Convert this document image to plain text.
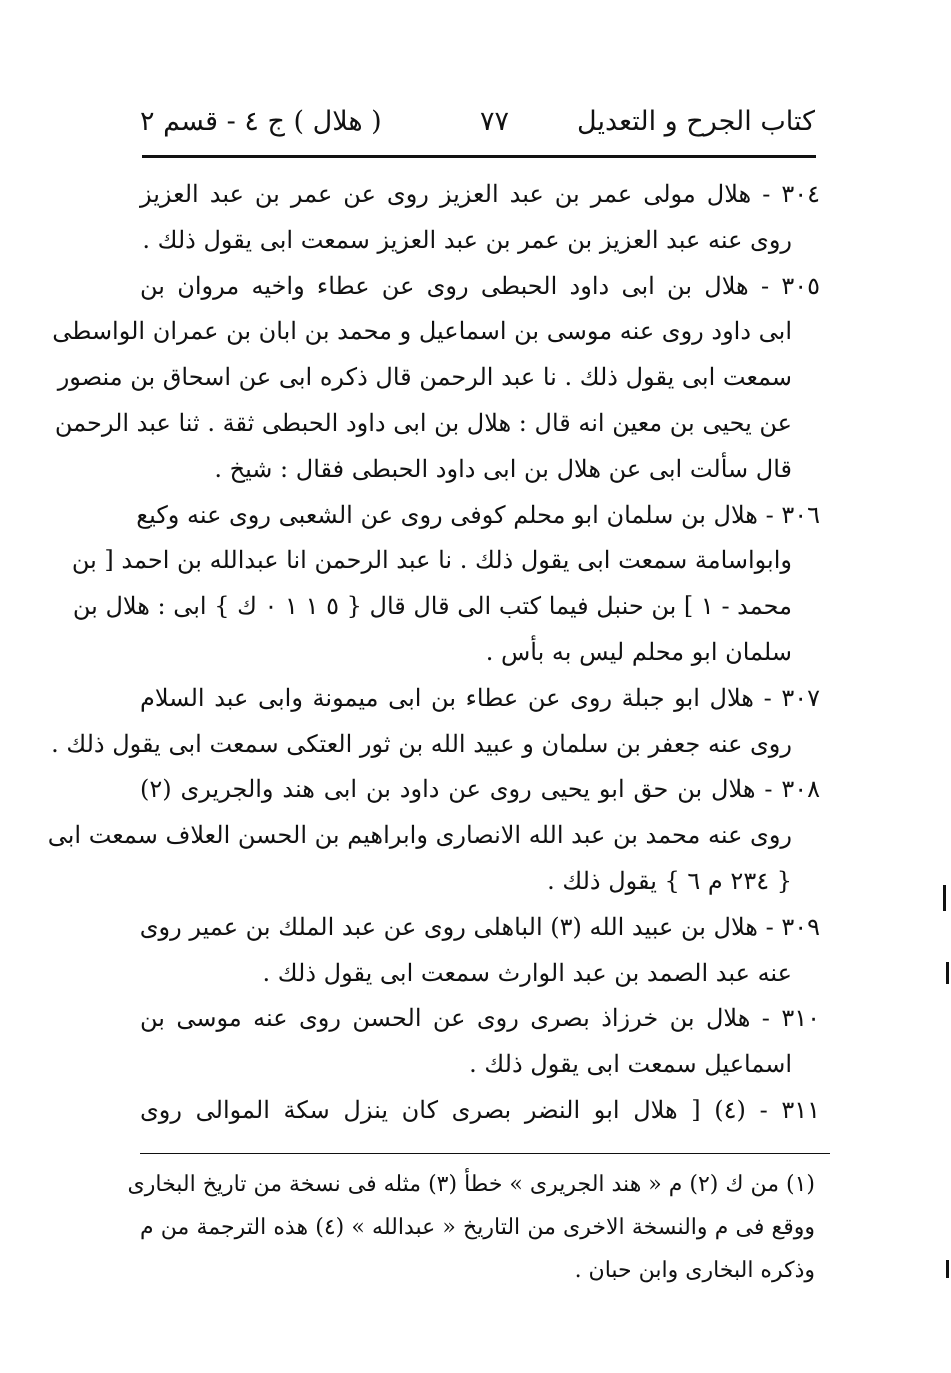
كتاب الجرح و التعديل
٧٧
( هلال ) ج ٤ - قسم ٢
٣٠٤ - هلال مولى عمر بن عبد العزيز روى عن عمر بن عبد العزيز
روى عنه عبد العزيز بن عمر بن عبد العزيز سمعت ابى يقول ذلك .
٣٠٥ - هلال بن ابى داود الحبطى روى عن عطاء واخيه مروان بن
ابى داود روى عنه موسى بن اسماعيل و محمد بن ابان بن عمران الواسطى
سمعت ابى يقول ذلك . نا عبد الرحمن قال ذكره ابى عن اسحاق بن منصور
عن يحيى بن معين انه قال : هلال بن ابى داود الحبطى ثقة . ثنا عبد الرحمن
قال سألت ابى عن هلال بن ابى داود الحبطى فقال : شيخ .
٣٠٦ - هلال بن سلمان ابو محلم كوفى روى عن الشعبى روى عنه وكيع
وابواسامة سمعت ابى يقول ذلك . نا عبد الرحمن انا عبدالله بن احمد [ بن
محمد - ١ ] بن حنبل فيما كتب الى قال قال { ٥ ١ ١ ٠ ك } ابى : هلال بن
سلمان ابو محلم ليس به بأس .
٣٠٧ - هلال ابو جبلة روى عن عطاء بن ابى ميمونة وابى عبد السلام
روى عنه جعفر بن سلمان و عبيد الله بن ثور العتكى سمعت ابى يقول ذلك .
٣٠٨ - هلال بن حق ابو يحيى روى عن داود بن ابى هند والجريرى (٢)
روى عنه محمد بن عبد الله الانصارى وابراهيم بن الحسن العلاف سمعت ابى
{ ٢٣٤ م ٦ } يقول ذلك .
٣٠٩ - هلال بن عبيد الله (٣) الباهلى روى عن عبد الملك بن عمير روى
عنه عبد الصمد بن عبد الوارث سمعت ابى يقول ذلك .
٣١٠ - هلال بن خرزاذ بصرى روى عن الحسن روى عنه موسى بن
اسماعيل سمعت ابى يقول ذلك .
٣١١ - (٤) [ هلال ابو النضر بصرى كان ينزل سكة الموالى روى
(١) من ك (٢) م « هند الجريرى » خطأ (٣) مثله فى نسخة من تاريخ البخارى
ووقع فى م والنسخة الاخرى من التاريخ « عبدالله » (٤) هذه الترجمة من م
وذكره البخارى وابن حبان .
